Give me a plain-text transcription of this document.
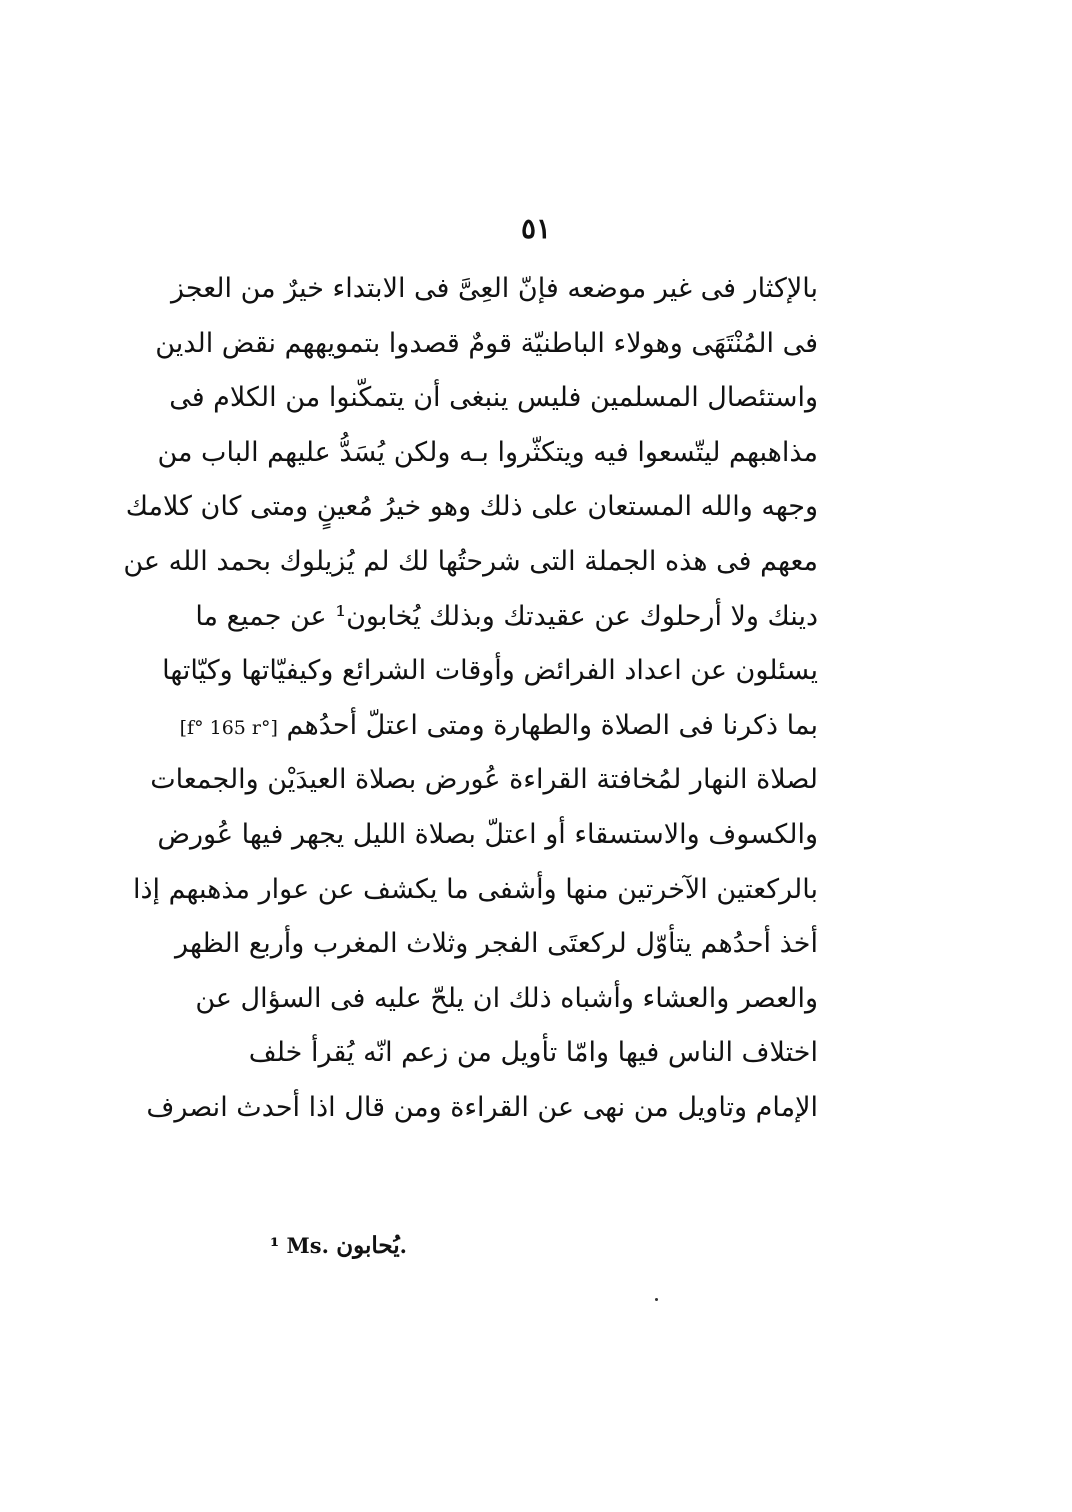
٥١
بالإكثار فى غير موضعه فإنّ العِىَّ فى الابتداء خيرٌ من العجز
فى المُنْتَهَى وهولاء الباطنيّة قومٌ قصدوا بتمويههم نقض الدين
واستئصال المسلمين فليس ينبغى أن يتمكّنوا من الكلام فى
مذاهبهم ليتّسعوا فيه ويتكثّروا بـه ولكن يُسَدُّ عليهم الباب من
وجهه والله المستعان على ذلك وهو خيرُ مُعينٍ ومتى كان كلامك
معهم فى هذه الجملة التى شرحتُها لك لم يُزيلوك بحمد الله عن
دينك ولا أرحلوك عن عقيدتك وبذلك يُخابون¹ عن جميع ما
يسئلون عن اعداد الفرائض وأوقات الشرائع وكيفيّاتها وكيّاتها
بما ذكرنا فى الصلاة والطهارة ومتى اعتلّ أحدُهم [f° 165 r°]
لصلاة النهار لمُخافتة القراءة عُورض بصلاة العيدَيْن والجمعات
والكسوف والاستسقاء أو اعتلّ بصلاة الليل يجهر فيها عُورض
بالركعتين الآخرتين منها وأشفى ما يكشف عن عوار مذهبهم إذا
أخذ أحدُهم يتأوّل لركعتَى الفجر وثلاث المغرب وأربع الظهر
والعصر والعشاء وأشباه ذلك ان يلحّ عليه فى السؤال عن
اختلاف الناس فيها وامّا تأويل من زعم انّه يُقرأ خلف
الإمام وتاويل من نهى عن القراءة ومن قال اذا أحدث انصرف
¹ Ms. يُحابون.
